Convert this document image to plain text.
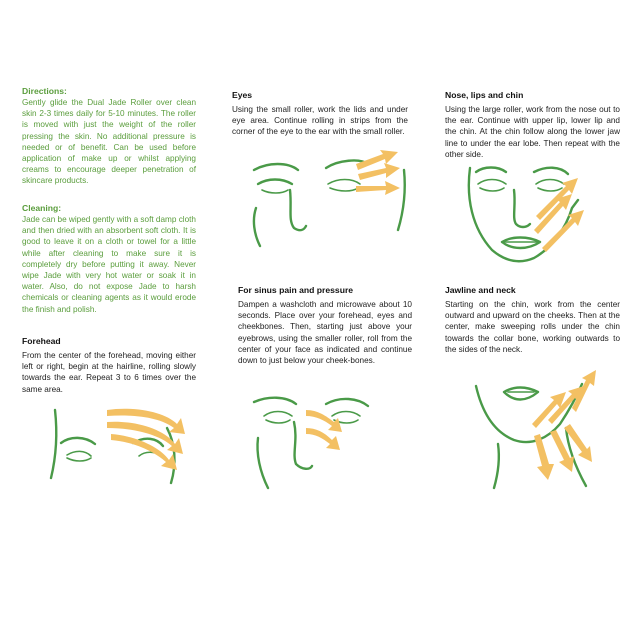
Directions:

Gently glide the Dual Jade Roller over clean skin 2-3 times daily for 5-10 minutes. The roller is moved with just the weight of the roller pressing the skin. No additional pressure is needed or of benefit. Can be used before application of make up or whilst applying creams to encourage deeper penetration of skincare products.

Cleaning:

Jade can be wiped gently with a soft damp cloth and then dried with an absorbent soft cloth. It is good to leave it on a cloth or towel for a little while after cleaning to make sure it is completely dry before putting it away. Never wipe Jade with very hot water or soak it in water. Also, do not expose Jade to harsh chemicals or cleaning agents as it would erode the finish and polish.

Forehead

From the center of the forehead, moving either left or right, begin at the hairline, rolling slowly towards the ear. Repeat 3 to 6 times over the same area.

Eyes

Using the small roller, work the lids and under eye area. Continue rolling in strips from the corner of the eye to the ear with the small roller.

For sinus pain and pressure

Dampen a washcloth and microwave about 10 seconds. Place over your forehead, eyes and cheekbones. Then, starting just above your eyebrows, using the smaller roller, roll from the center of your face as indicated and continue down to just below your cheek-bones.

Nose, lips and chin

Using the large roller, work from the nose out to the ear. Continue with upper lip, lower lip and the chin. At the chin follow along the lower jaw line to under the ear lobe. Then repeat with the other side.

Jawline and neck

Starting on the chin, work from the center outward and upward on the cheeks. Then at the center, make sweeping rolls under the chin towards the collar bone, working outwards to the sides of the neck.
